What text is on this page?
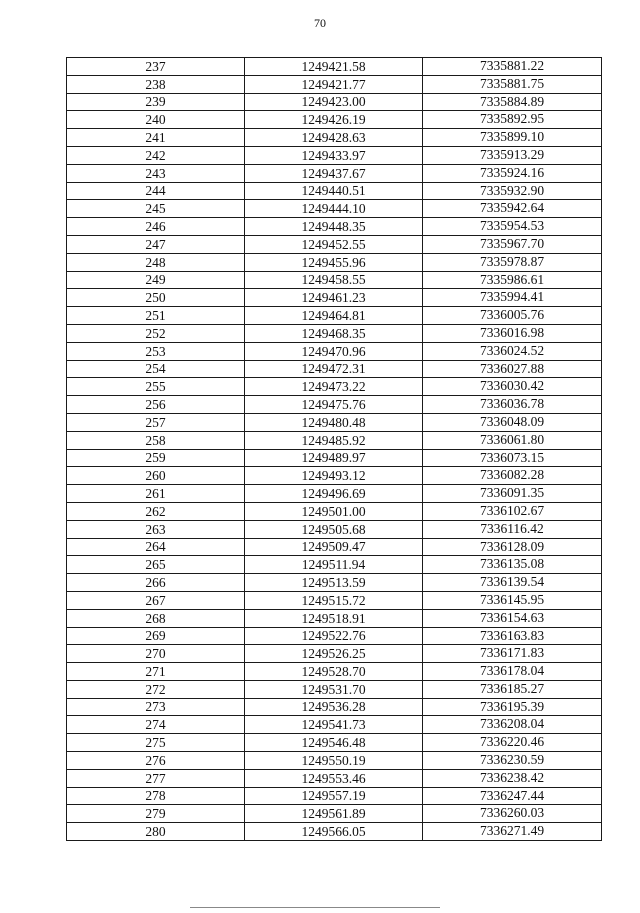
70
237	1249421.58	7335881.22
238	1249421.77	7335881.75
239	1249423.00	7335884.89
240	1249426.19	7335892.95
241	1249428.63	7335899.10
242	1249433.97	7335913.29
243	1249437.67	7335924.16
244	1249440.51	7335932.90
245	1249444.10	7335942.64
246	1249448.35	7335954.53
247	1249452.55	7335967.70
248	1249455.96	7335978.87
249	1249458.55	7335986.61
250	1249461.23	7335994.41
251	1249464.81	7336005.76
252	1249468.35	7336016.98
253	1249470.96	7336024.52
254	1249472.31	7336027.88
255	1249473.22	7336030.42
256	1249475.76	7336036.78
257	1249480.48	7336048.09
258	1249485.92	7336061.80
259	1249489.97	7336073.15
260	1249493.12	7336082.28
261	1249496.69	7336091.35
262	1249501.00	7336102.67
263	1249505.68	7336116.42
264	1249509.47	7336128.09
265	1249511.94	7336135.08
266	1249513.59	7336139.54
267	1249515.72	7336145.95
268	1249518.91	7336154.63
269	1249522.76	7336163.83
270	1249526.25	7336171.83
271	1249528.70	7336178.04
272	1249531.70	7336185.27
273	1249536.28	7336195.39
274	1249541.73	7336208.04
275	1249546.48	7336220.46
276	1249550.19	7336230.59
277	1249553.46	7336238.42
278	1249557.19	7336247.44
279	1249561.89	7336260.03
280	1249566.05	7336271.49
